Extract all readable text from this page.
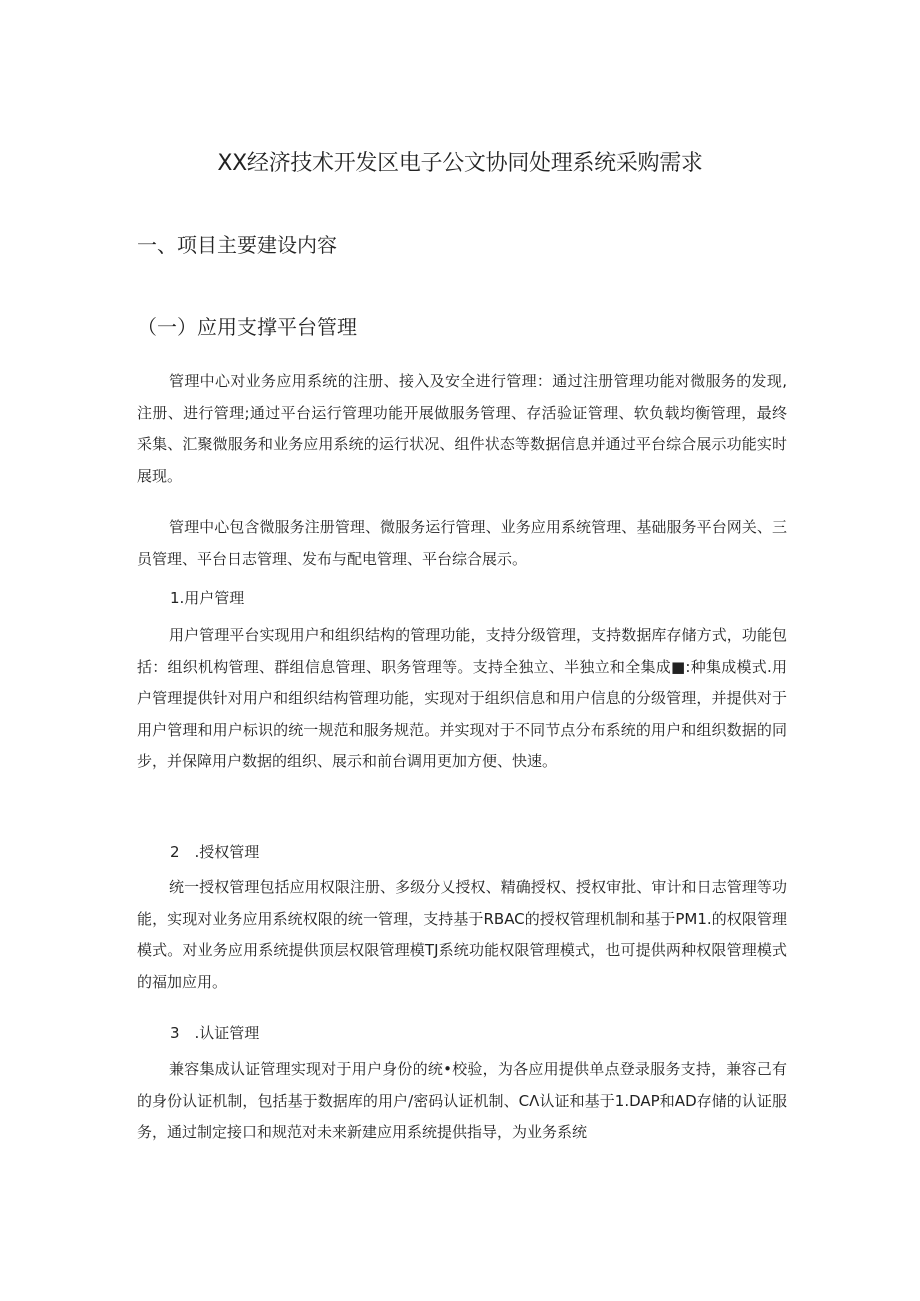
XX经济技术开发区电子公文协同处理系统采购需求
一、项目主要建设内容
（一）应用支撑平台管理

管理中心对业务应用系统的注册、接入及安全进行管理：通过注册管理功能对微服务的发现,注册、进行管理;通过平台运行管理功能开展做服务管理、存活验证管理、软负载均衡管理，最终采集、汇聚微服务和业务应用系统的运行状况、组件状态等数据信息并通过平台综合展示功能实时展现。

管理中心包含微服务注册管理、微服务运行管理、业务应用系统管理、基础服务平台网关、三员管理、平台日志管理、发布与配电管理、平台综合展示。

1.用户管理

用户管理平台实现用户和组织结构的管理功能，支持分级管理，支持数据库存储方式，功能包括：组织机构管理、群组信息管理、职务管理等。支持全独立、半独立和全集成■:种集成模式.用户管理提供针对用户和组织结构管理功能，实现对于组织信息和用户信息的分级管理，并提供对于用户管理和用户标识的统一规范和服务规范。并实现对于不同节点分布系统的用户和组织数据的同步，并保障用户数据的组织、展示和前台调用更加方便、快速。

2　.授权管理

统一授权管理包括应用权限注册、多级分乂授权、精确授权、授权审批、审计和日志管理等功能，实现对业务应用系统权限的统一管理，支持基于RBAC的授权管理机制和基于PM1.的权限管理模式。对业务应用系统提供顶层权限管理模TJ系统功能权限管理模式，也可提供两种权限管理模式的福加应用。

3　.认证管理

兼容集成认证管理实现对于用户身份的统•校验，为各应用提供单点登录服务支持，兼容己有的身份认证机制，包括基于数据库的用户/密码认证机制、CΛ认证和基于1.DAP和AD存储的认证服务，通过制定接口和规范对未来新建应用系统提供指导，为业务系统
